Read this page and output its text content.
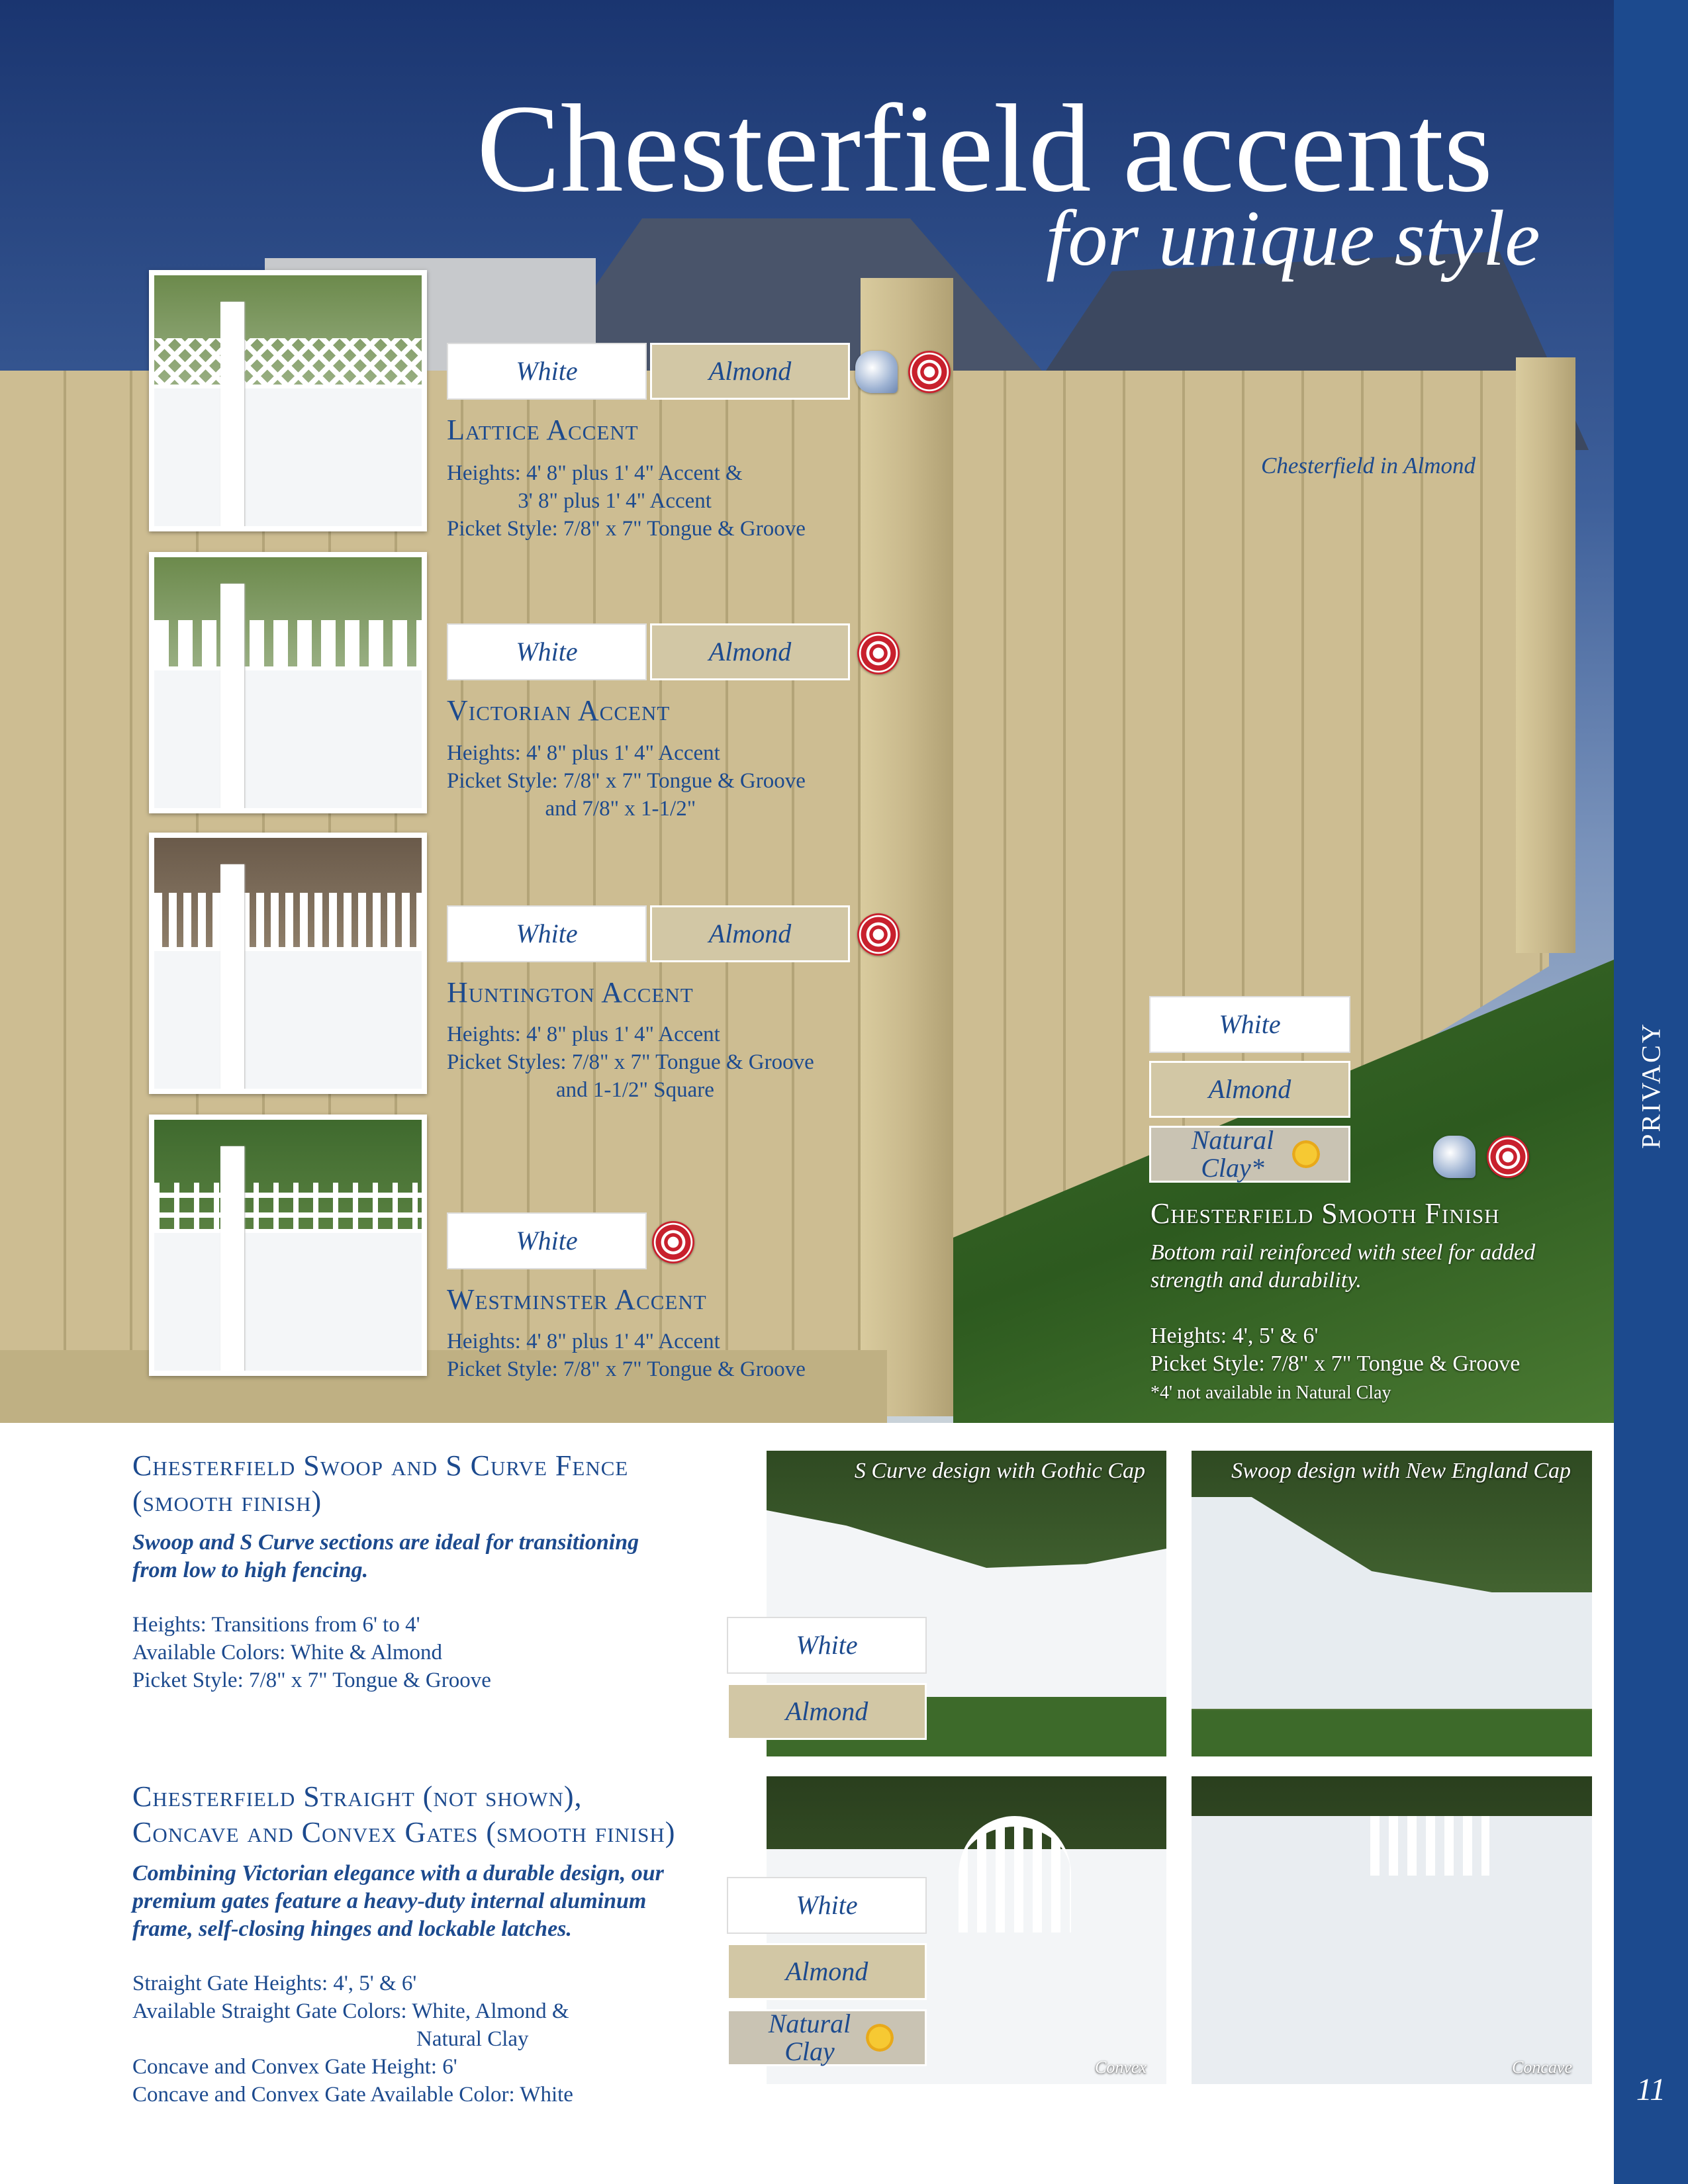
Chesterfield accents
for unique style
Chesterfield in Almond
PRIVACY
11
White	Almond
Lattice Accent
Heights: 4' 8" plus 1' 4" Accent &
3' 8" plus 1' 4" Accent
Picket Style: 7/8" x 7" Tongue & Groove
White	Almond
Victorian Accent
Heights: 4' 8" plus 1' 4" Accent
Picket Style: 7/8" x 7" Tongue & Groove
and 7/8" x 1-1/2"
White	Almond
Huntington Accent
Heights: 4' 8" plus 1' 4" Accent
Picket Styles: 7/8" x 7" Tongue & Groove
and 1-1/2" Square
White
Westminster Accent
Heights: 4' 8" plus 1' 4" Accent
Picket Style: 7/8" x 7" Tongue & Groove
White
Almond
Natural Clay*
Chesterfield Smooth Finish
Bottom rail reinforced with steel for added
strength and durability.
Heights: 4', 5' & 6'
Picket Style: 7/8" x 7" Tongue & Groove
*4' not available in Natural Clay
Chesterfield Swoop and S Curve Fence
(smooth finish)
Swoop and S Curve sections are ideal for transitioning
from low to high fencing.
Heights: Transitions from 6' to 4'
Available Colors: White & Almond
Picket Style: 7/8" x 7" Tongue & Groove
S Curve design with Gothic Cap	Swoop design with New England Cap
White
Almond
Chesterfield Straight (not shown),
Concave and Convex Gates (smooth finish)
Combining Victorian elegance with a durable design, our
premium gates feature a heavy-duty internal aluminum
frame, self-closing hinges and lockable latches.
Straight Gate Heights: 4', 5' & 6'
Available Straight Gate Colors: White, Almond &
Natural Clay
Concave and Convex Gate Height: 6'
Concave and Convex Gate Available Color: White
Convex	Concave
White
Almond
Natural Clay
